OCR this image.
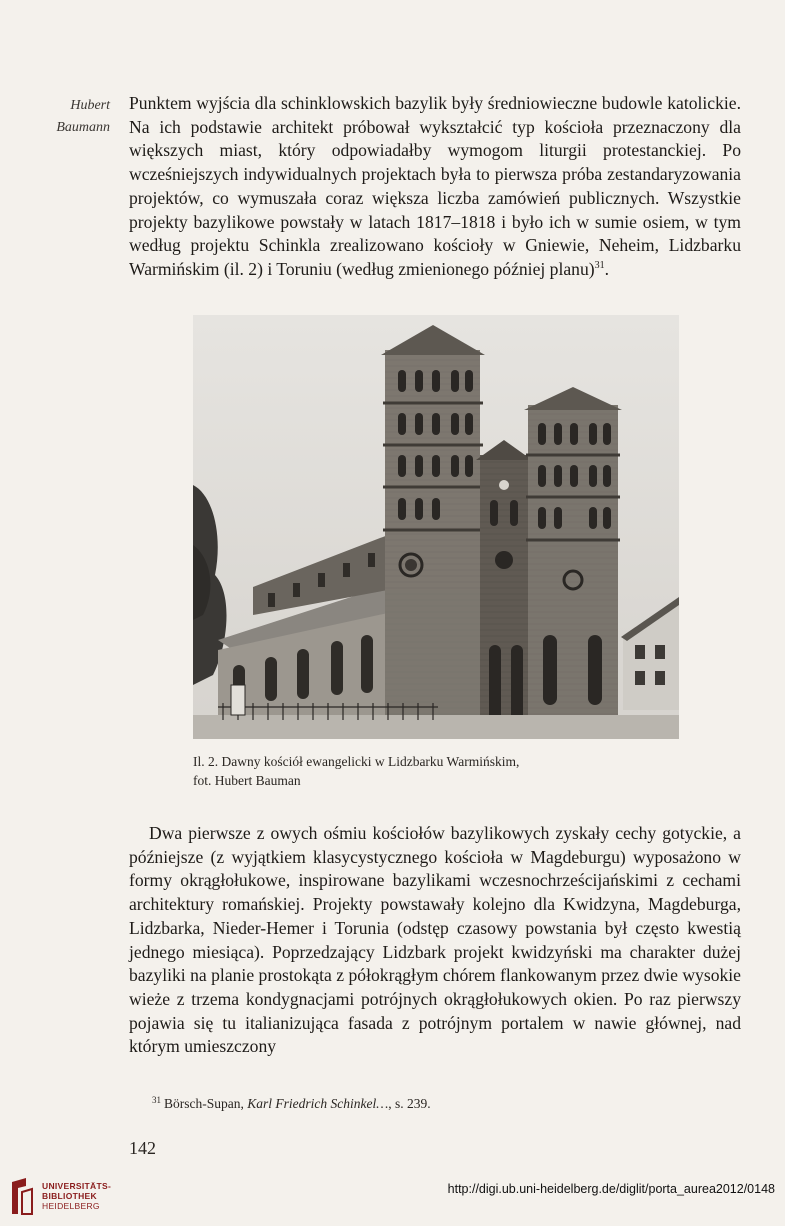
Hubert
Baumann

Punktem wyjścia dla schinklowskich bazylik były średniowieczne budowle katolickie. Na ich podstawie architekt próbował wykształcić typ kościoła przeznaczony dla większych miast, który odpowiadałby wymogom liturgii protestanckiej. Po wcześniejszych indywidualnych projektach była to pierwsza próba zestandaryzowania projektów, co wymuszała coraz większa liczba zamówień publicznych. Wszystkie projekty bazylikowe powstały w latach 1817–1818 i było ich w sumie osiem, w tym według projektu Schinkla zrealizowano kościoły w Gniewie, Neheim, Lidzbarku Warmińskim (il. 2) i Toruniu (według zmienionego później planu)$^{31}$.

Il. 2. Dawny kościół ewangelicki w Lidzbarku Warmińskim,
fot. Hubert Bauman

Dwa pierwsze z owych ośmiu kościołów bazylikowych zyskały cechy gotyckie, a późniejsze (z wyjątkiem klasycystycznego kościoła w Magdeburgu) wyposażono w formy okrągłołukowe, inspirowane bazylikami wczesnochrześcijańskimi z cechami architektury romańskiej. Projekty powstawały kolejno dla Kwidzyna, Magdeburga, Lidzbarka, Nieder-Hemer i Torunia (odstęp czasowy powstania był często kwestią jednego miesiąca). Poprzedzający Lidzbark projekt kwidzyński ma charakter dużej bazyliki na planie prostokąta z półokrągłym chórem flankowanym przez dwie wysokie wieże z trzema kondygnacjami potrójnych okrągłołukowych okien. Po raz pierwszy pojawia się tu italianizująca fasada z potrójnym portalem w nawie głównej, nad którym umieszczony

$^{31}$ Börsch-Supan, Karl Friedrich Schinkel…, s. 239.
142
UNIVERSITÄTS-
BIBLIOTHEK
HEIDELBERG
http://digi.ub.uni-heidelberg.de/diglit/porta_aurea2012/0148
